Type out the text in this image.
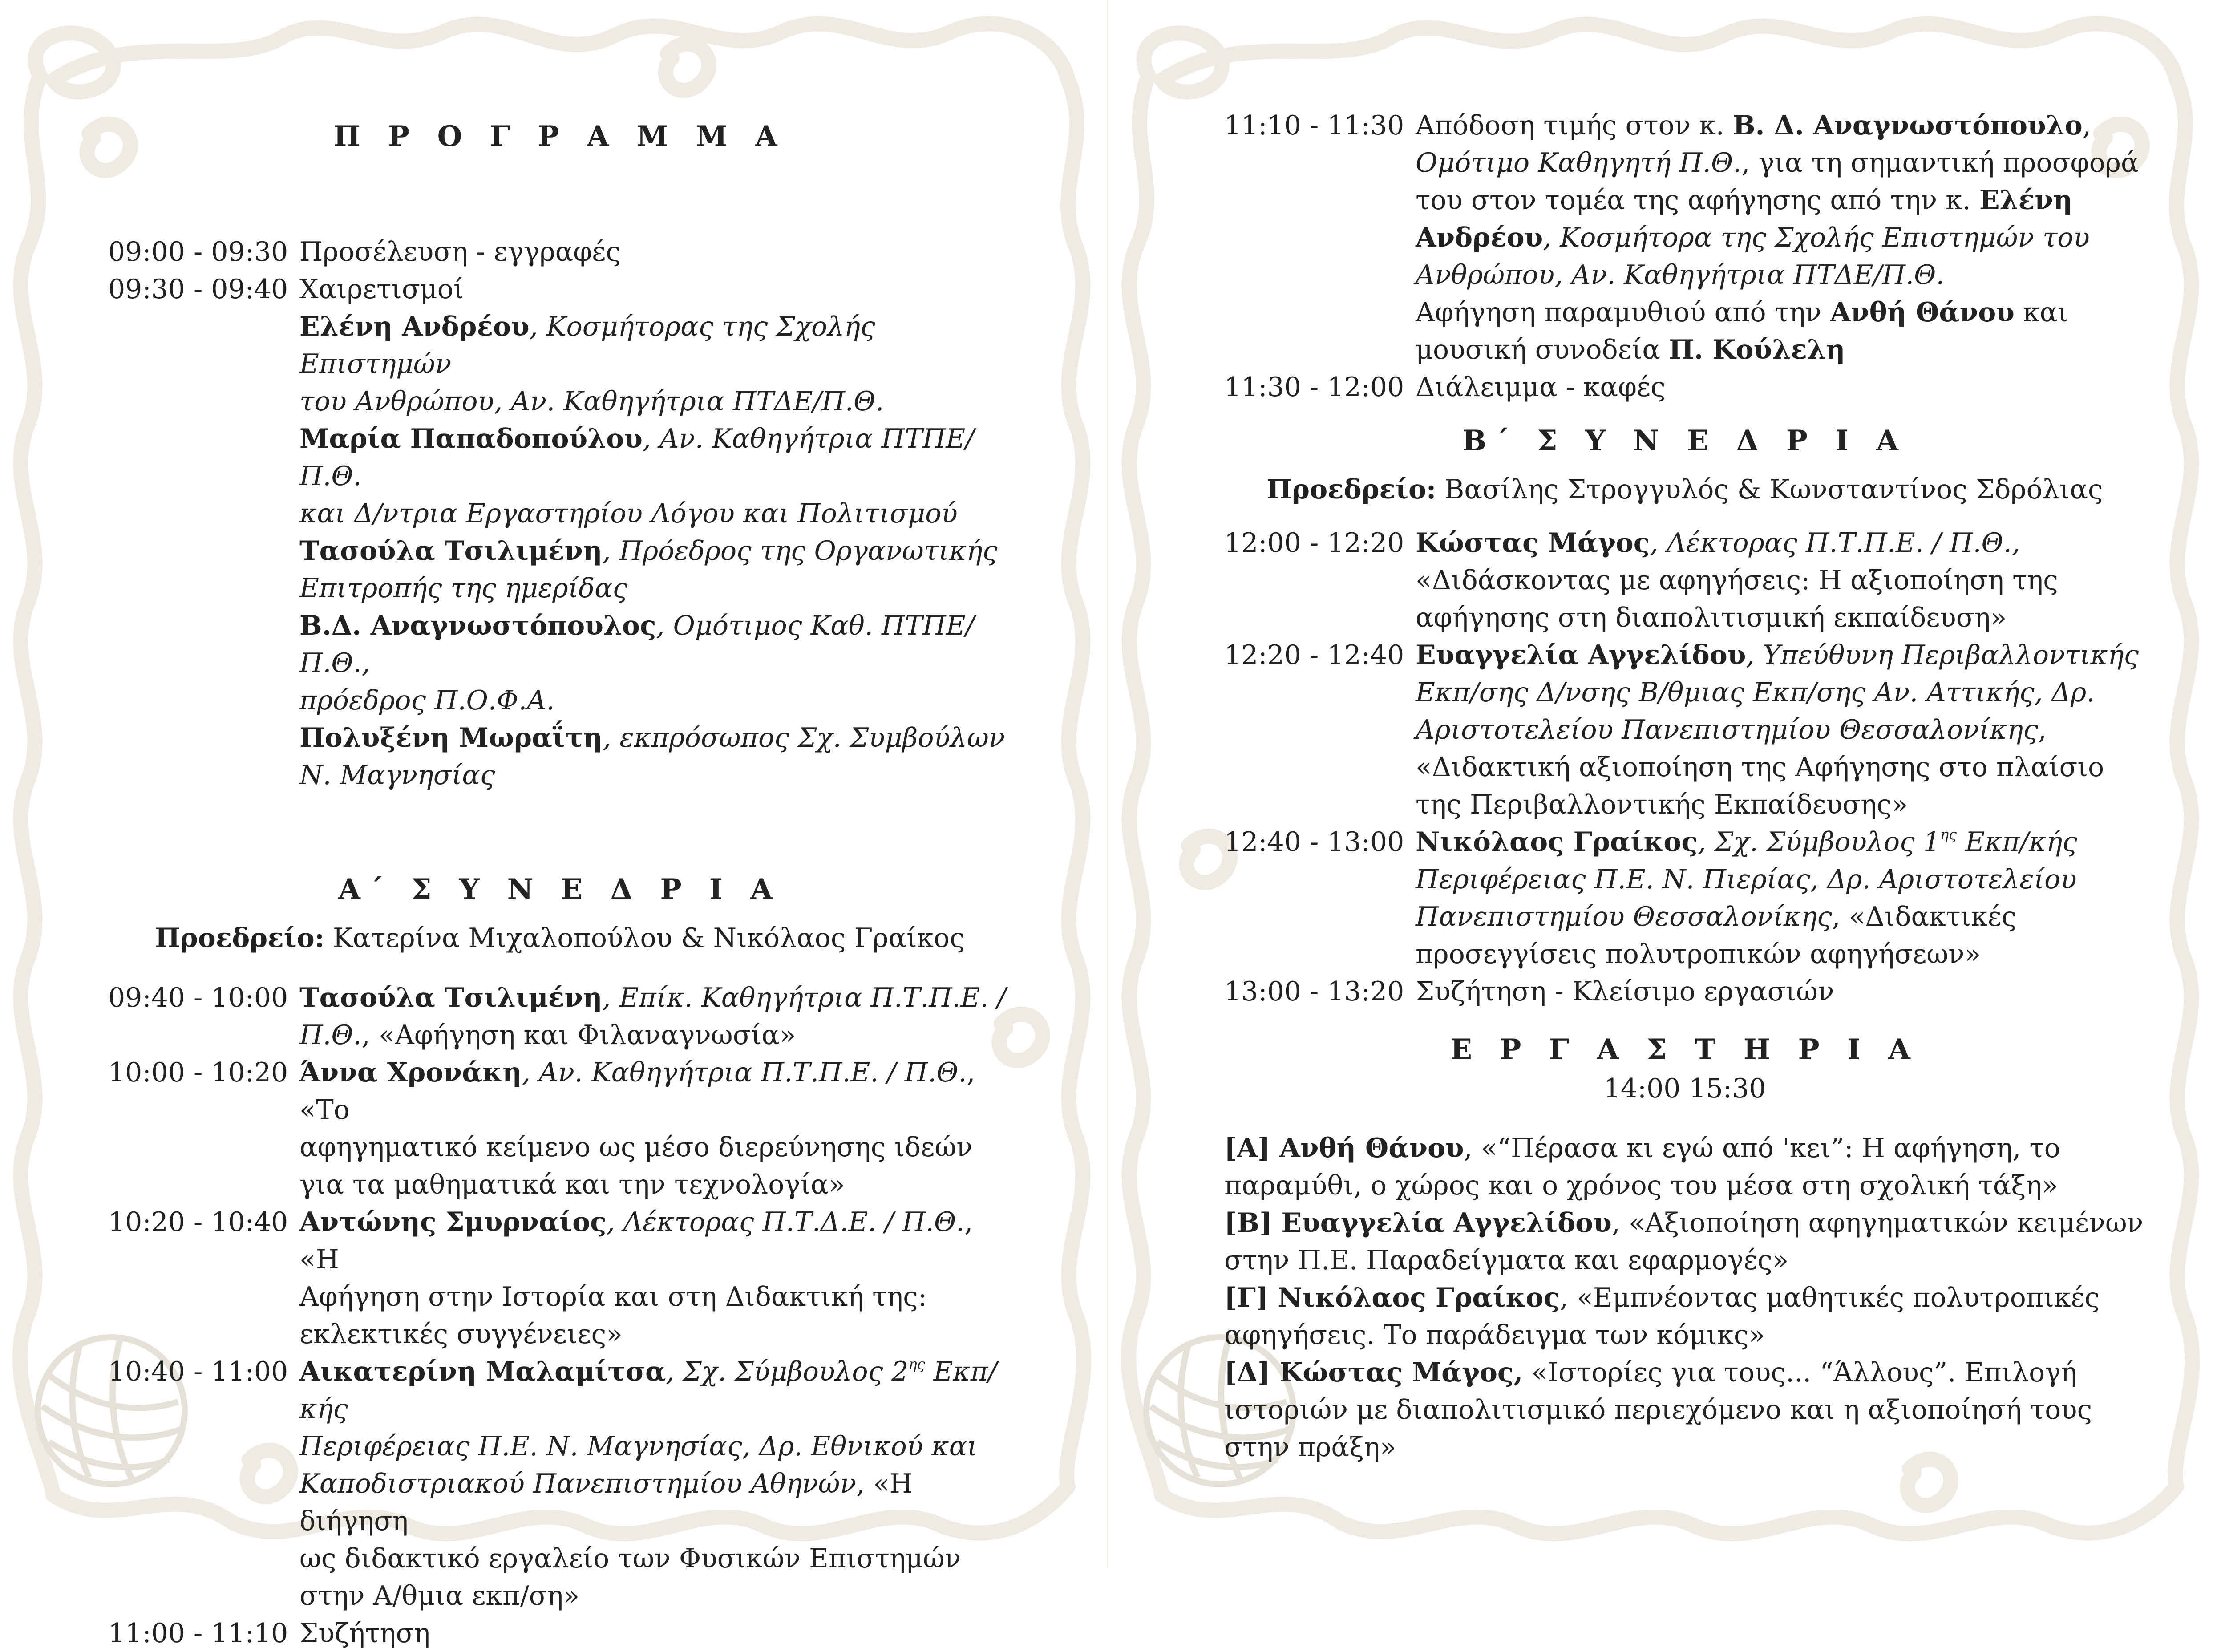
Π Ρ Ο Γ Ρ Α Μ Μ Α
09:00 - 09:30 Προσέλευση - εγγραφές
09:30 - 09:40 Χαιρετισμοί
Ελένη Ανδρέου, Κοσμήτορας της Σχολής Επιστημών
του Ανθρώπου, Αν. Καθηγήτρια ΠΤΔΕ/Π.Θ.
Μαρία Παπαδοπούλου, Αν. Καθηγήτρια ΠΤΠΕ/Π.Θ.
και Δ/ντρια Εργαστηρίου Λόγου και Πολιτισμού
Τασούλα Τσιλιμένη, Πρόεδρος της Οργανωτικής
Επιτροπής της ημερίδας
Β.Δ. Αναγνωστόπουλος, Ομότιμος Καθ. ΠΤΠΕ/Π.Θ.,
πρόεδρος Π.Ο.Φ.Α.
Πολυξένη Μωραΐτη, εκπρόσωπος Σχ. Συμβούλων
Ν. Μαγνησίας
Α΄ Σ Υ Ν Ε Δ Ρ Ι Α
Προεδρείο: Κατερίνα Μιχαλοπούλου & Νικόλαος Γραίκος
09:40 - 10:00 Τασούλα Τσιλιμένη, Επίκ. Καθηγήτρια Π.Τ.Π.Ε. /
Π.Θ., «Αφήγηση και Φιλαναγνωσία»
10:00 - 10:20 Άννα Χρονάκη, Αν. Καθηγήτρια Π.Τ.Π.Ε. / Π.Θ., «Το
αφηγηματικό κείμενο ως μέσο διερεύνησης ιδεών
για τα μαθηματικά και την τεχνολογία»
10:20 - 10:40 Αντώνης Σμυρναίος, Λέκτορας Π.Τ.Δ.Ε. / Π.Θ., «Η
Αφήγηση στην Ιστορία και στη Διδακτική της:
εκλεκτικές συγγένειες»
10:40 - 11:00 Αικατερίνη Μαλαμίτσα, Σχ. Σύμβουλος $2^{\eta\varsigma}$ Εκπ/κής
Περιφέρειας Π.Ε. Ν. Μαγνησίας, Δρ. Εθνικού και
Καποδιστριακού Πανεπιστημίου Αθηνών, «Η διήγηση
ως διδακτικό εργαλείο των Φυσικών Επιστημών
στην Α/θμια εκπ/ση»
11:00 - 11:10 Συζήτηση
11:10 - 11:30 Απόδοση τιμής στον κ. Β. Δ. Αναγνωστόπουλο,
Ομότιμο Καθηγητή Π.Θ., για τη σημαντική προσφορά
του στον τομέα της αφήγησης από την κ. Ελένη
Ανδρέου, Κοσμήτορα της Σχολής Επιστημών του
Ανθρώπου, Αν. Καθηγήτρια ΠΤΔΕ/Π.Θ.
Αφήγηση παραμυθιού από την Ανθή Θάνου και
μουσική συνοδεία Π. Κούλελη
11:30 - 12:00 Διάλειμμα - καφές
Β΄ Σ Υ Ν Ε Δ Ρ Ι Α
Προεδρείο: Βασίλης Στρογγυλός & Κωνσταντίνος Σδρόλιας
12:00 - 12:20 Κώστας Μάγος, Λέκτορας Π.Τ.Π.Ε. / Π.Θ.,
«Διδάσκοντας με αφηγήσεις: Η αξιοποίηση της
αφήγησης στη διαπολιτισμική εκπαίδευση»
12:20 - 12:40 Ευαγγελία Αγγελίδου, Υπεύθυνη Περιβαλλοντικής
Εκπ/σης Δ/νσης Β/θμιας Εκπ/σης Αν. Αττικής, Δρ.
Αριστοτελείου Πανεπιστημίου Θεσσαλονίκης,
«Διδακτική αξιοποίηση της Αφήγησης στο πλαίσιο
της Περιβαλλοντικής Εκπαίδευσης»
12:40 - 13:00 Νικόλαος Γραίκος, Σχ. Σύμβουλος $1^{\eta\varsigma}$ Εκπ/κής
Περιφέρειας Π.Ε. Ν. Πιερίας, Δρ. Αριστοτελείου
Πανεπιστημίου Θεσσαλονίκης, «Διδακτικές
προσεγγίσεις πολυτροπικών αφηγήσεων»
13:00 - 13:20 Συζήτηση - Κλείσιμο εργασιών
Ε Ρ Γ Α Σ Τ Η Ρ Ι Α
14:00 15:30
[Α] Ανθή Θάνου, «“Πέρασα κι εγώ από 'κει”: Η αφήγηση, το
παραμύθι, ο χώρος και ο χρόνος του μέσα στη σχολική τάξη»
[Β] Ευαγγελία Αγγελίδου, «Αξιοποίηση αφηγηματικών κειμένων
στην Π.Ε. Παραδείγματα και εφαρμογές»
[Γ] Νικόλαος Γραίκος, «Εμπνέοντας μαθητικές πολυτροπικές
αφηγήσεις. Το παράδειγμα των κόμικς»
[Δ] Κώστας Μάγος, «Ιστορίες για τους... “Άλλους”. Επιλογή
ιστοριών με διαπολιτισμικό περιεχόμενο και η αξιοποίησή τους
στην πράξη»
